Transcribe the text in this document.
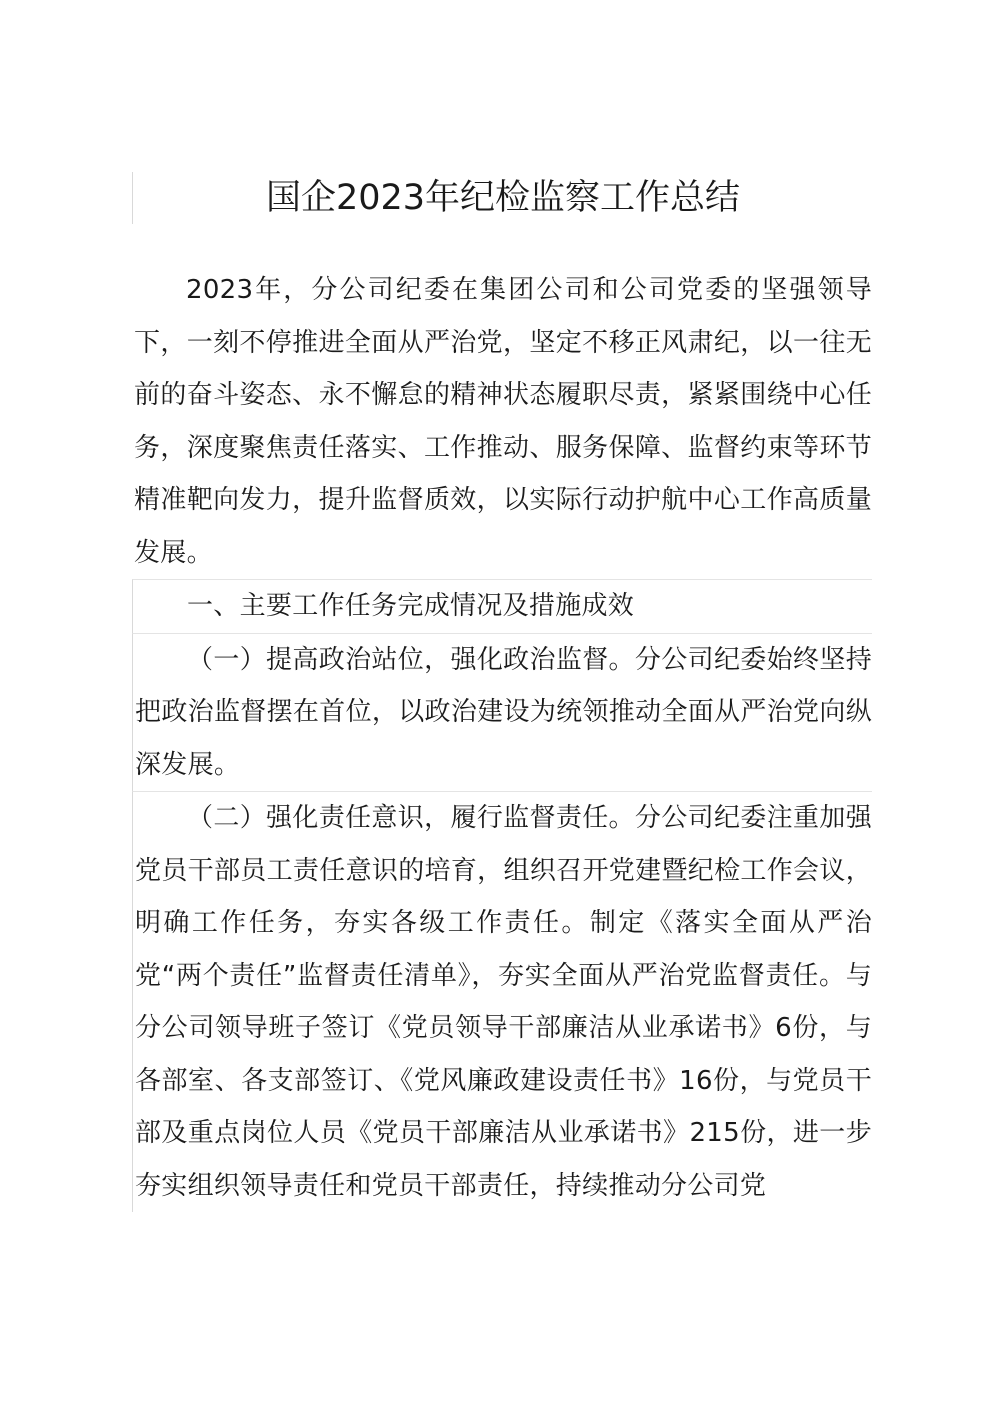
国企2023年纪检监察工作总结

2023年，分公司纪委在集团公司和公司党委的坚强领导下，一刻不停推进全面从严治党，坚定不移正风肃纪，以一往无前的奋斗姿态、永不懈怠的精神状态履职尽责，紧紧围绕中心任务，深度聚焦责任落实、工作推动、服务保障、监督约束等环节精准靶向发力，提升监督质效，以实际行动护航中心工作高质量发展。

一、主要工作任务完成情况及措施成效

（一）提高政治站位，强化政治监督。分公司纪委始终坚持把政治监督摆在首位，以政治建设为统领推动全面从严治党向纵深发展。

（二）强化责任意识，履行监督责任。分公司纪委注重加强党员干部员工责任意识的培育，组织召开党建暨纪检工作会议，明确工作任务，夯实各级工作责任。制定《落实全面从严治党“两个责任”监督责任清单》，夯实全面从严治党监督责任。与分公司领导班子签订《党员领导干部廉洁从业承诺书》6份，与各部室、各支部签订、《党风廉政建设责任书》16份，与党员干部及重点岗位人员《党员干部廉洁从业承诺书》215份，进一步夯实组织领导责任和党员干部责任，持续推动分公司党
